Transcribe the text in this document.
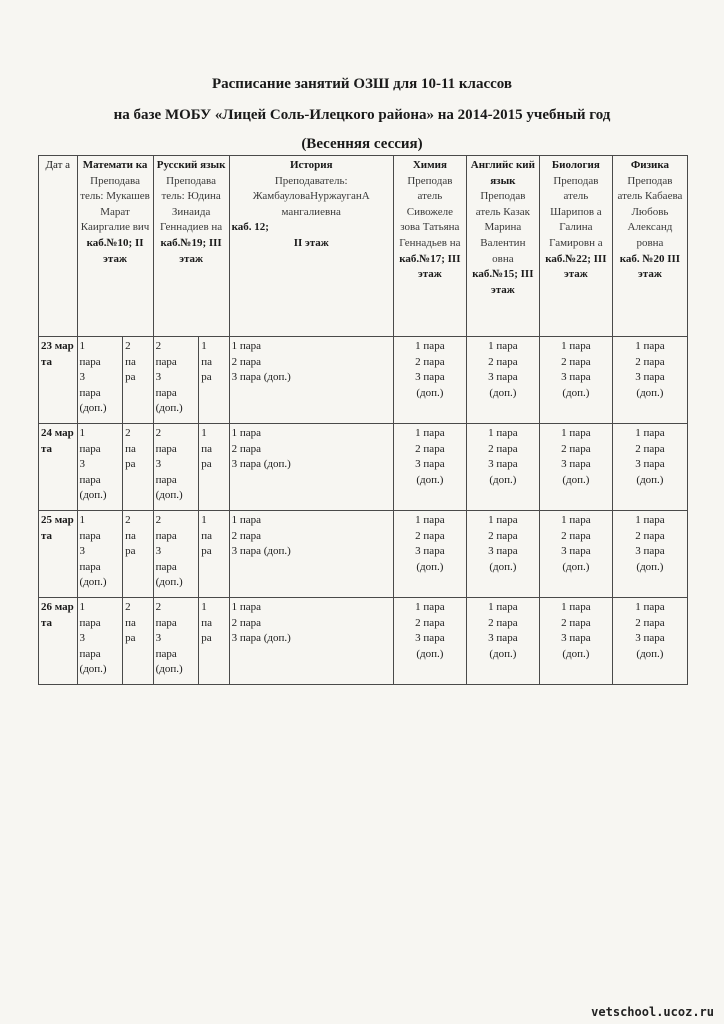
Расписание занятий ОЗШ для 10-11 классов
на базе МОБУ «Лицей Соль-Илецкого района» на 2014-2015 учебный год
(Весенняя сессия)
Дат а	Математи ка
Преподава тель: Мукашев Марат Каиргалие вич
каб.№10; II этаж		Русский язык
Преподава тель: Юдина Зинаида Геннадиев на
каб.№19; III этаж		История
Преподаватель: ЖамбауловаНуржауганА мангалиевна
каб. 12;
II этаж	Химия
Преподав атель Сивожеле зова Татьяна Геннадьев на
каб.№17; III этаж	Английс кий язык
Преподав атель Казак Марина Валентин овна
каб.№15; III этаж	Биология
Преподав атель Шарипов а Галина Гамировн а
каб.№22; III этаж	Физика
Преподав атель Кабаева Любовь Александ ровна
каб. №20 III этаж

23 мар та	1
пара
3
пара
(доп.)	2
па
ра	2
пара
3
пара
(доп.)	1
па
ра	1 пара
2 пара
3 пара (доп.)	1 пара
2 пара
3 пара
(доп.)	1 пара
2 пара
3 пара
(доп.)	1 пара
2 пара
3 пара
(доп.)	1 пара
2 пара
3 пара
(доп.)

24 мар та	1
пара
3
пара
(доп.)	2
па
ра	2
пара
3
пара
(доп.)	1
па
ра	1 пара
2 пара
3 пара (доп.)	1 пара
2 пара
3 пара
(доп.)	1 пара
2 пара
3 пара
(доп.)	1 пара
2 пара
3 пара
(доп.)	1 пара
2 пара
3 пара
(доп.)

25 мар та	1
пара
3
пара
(доп.)	2
па
ра	2
пара
3
пара
(доп.)	1
па
ра	1 пара
2 пара
3 пара (доп.)	1 пара
2 пара
3 пара
(доп.)	1 пара
2 пара
3 пара
(доп.)	1 пара
2 пара
3 пара
(доп.)	1 пара
2 пара
3 пара
(доп.)

26 мар та	1
пара
3
пара
(доп.)	2
па
ра	2
пара
3
пара
(доп.)	1
па
ра	1 пара
2 пара
3 пара (доп.)	1 пара
2 пара
3 пара
(доп.)	1 пара
2 пара
3 пара
(доп.)	1 пара
2 пара
3 пара
(доп.)	1 пара
2 пара
3 пара
(доп.)
vetschool.ucoz.ru
